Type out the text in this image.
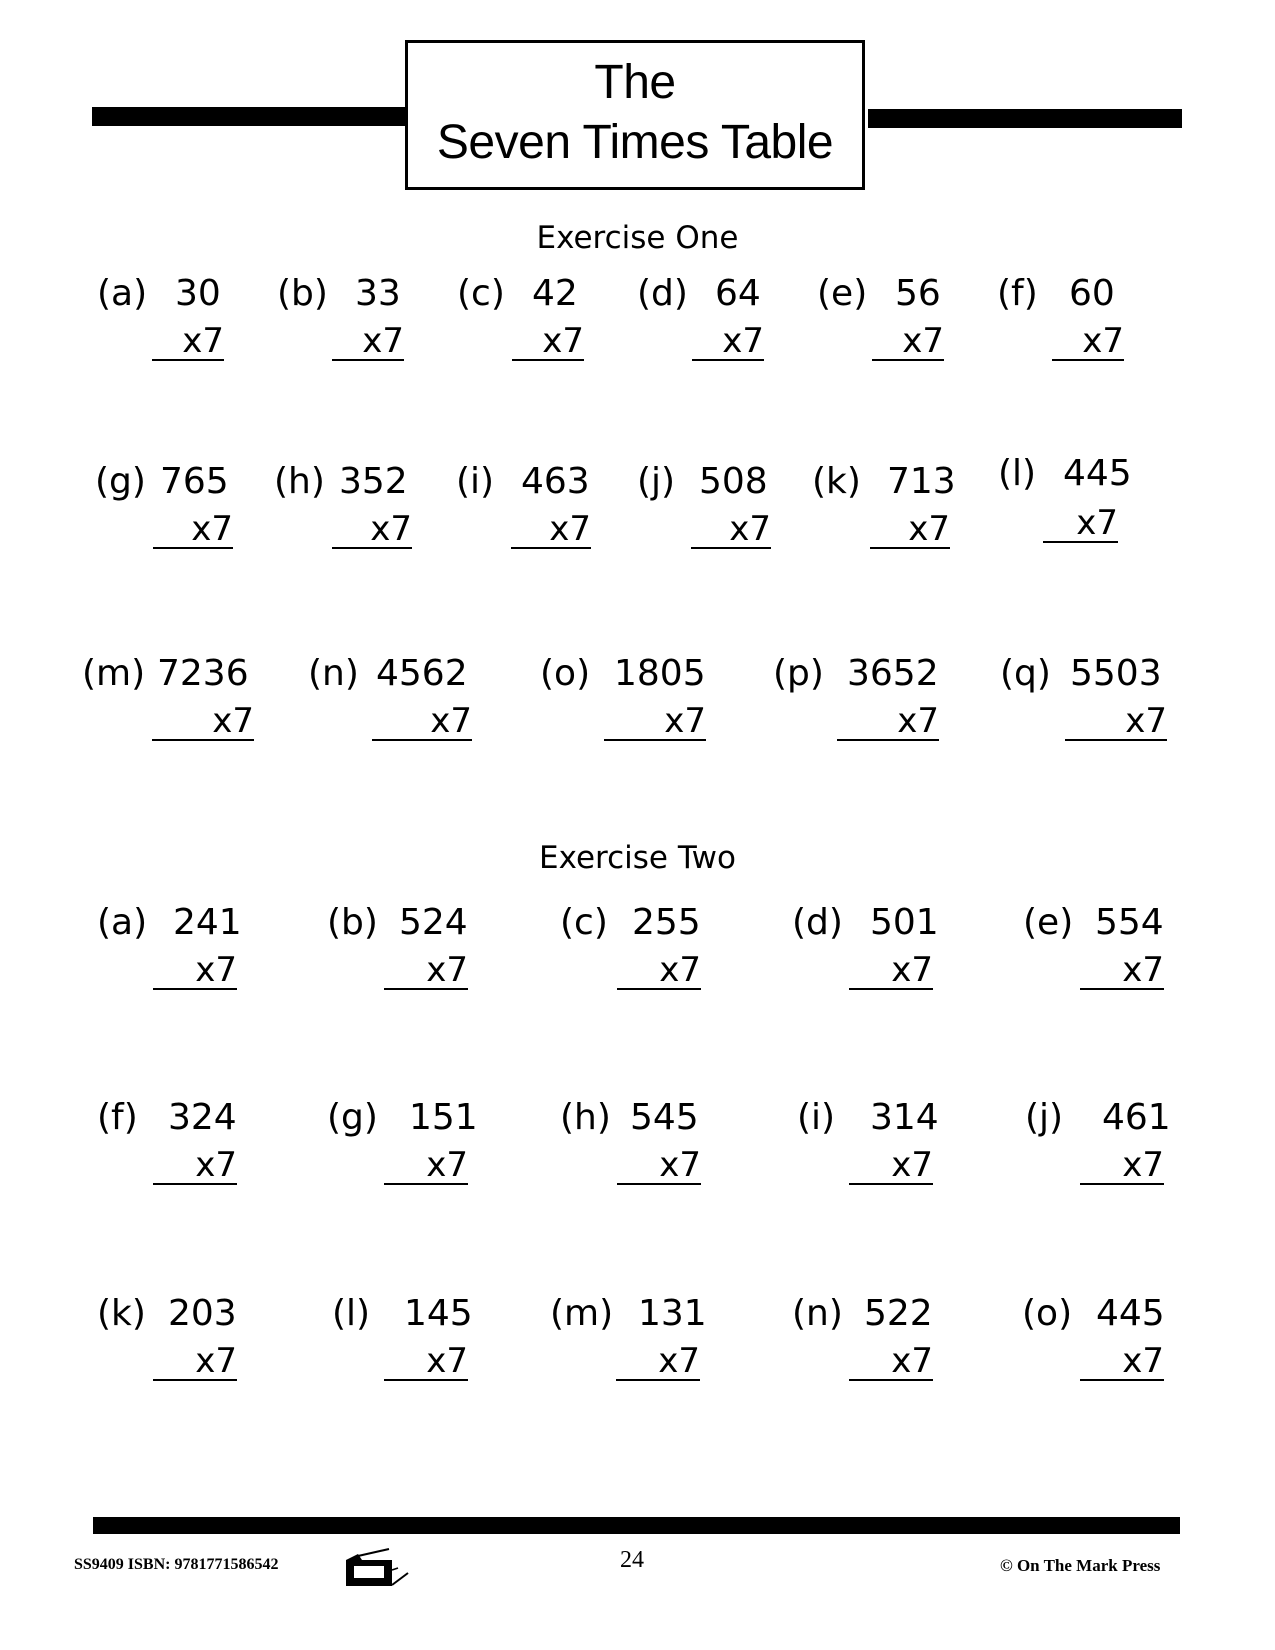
The
Seven Times Table
Exercise One
(a) 30
x7
(b) 33
x7
(c) 42
x7
(d) 64
x7
(e) 56
x7
(f) 60
x7
(g) 765
x7
(h) 352
x7
(i) 463
x7
(j) 508
x7
(k) 713
x7
(l) 445
x7
(m) 7236
x7
(n) 4562
x7
(o) 1805
x7
(p) 3652
x7
(q) 5503
x7
Exercise Two
(a) 241
x7
(b) 524
x7
(c) 255
x7
(d) 501
x7
(e) 554
x7
(f) 324
x7
(g) 151
x7
(h) 545
x7
(i) 314
x7
(j) 461
x7
(k) 203
x7
(l) 145
x7
(m) 131
x7
(n) 522
x7
(o) 445
x7
SS9409 ISBN: 9781771586542	24	© On The Mark Press
